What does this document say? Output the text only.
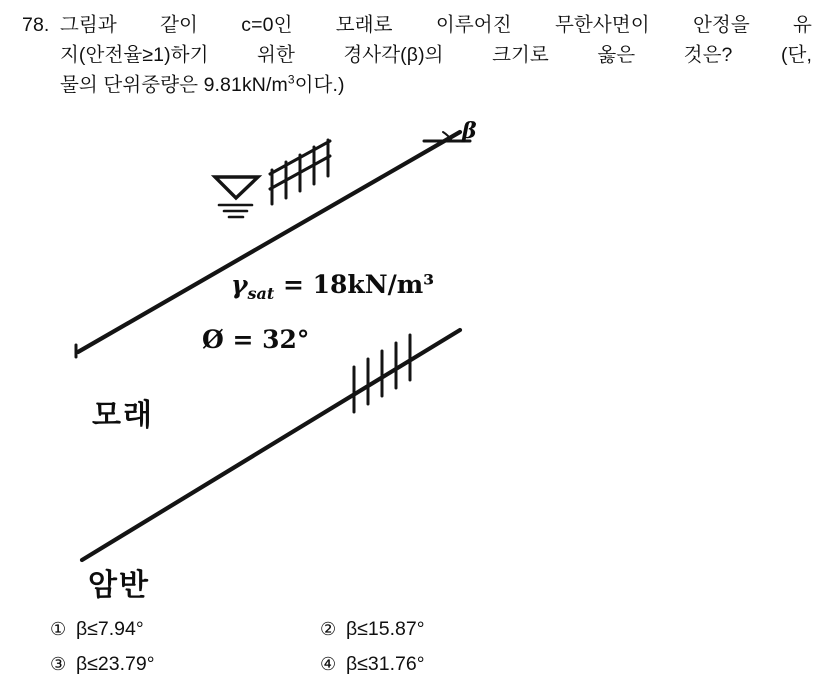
78. 그림과 같이 c=0인 모래로 이루어진 무한사면이 안정을 유
지(안전율≥1)하기 위한 경사각(β)의 크기로 옳은 것은? (단,
물의 단위중량은 $9.81kN/m^3$이다.)
β
$\gamma_{sat} = 18kN/m^3$
Ø = 32°
모래
암반
① β≤7.94°	② β≤15.87°
③ β≤23.79°	④ β≤31.76°
